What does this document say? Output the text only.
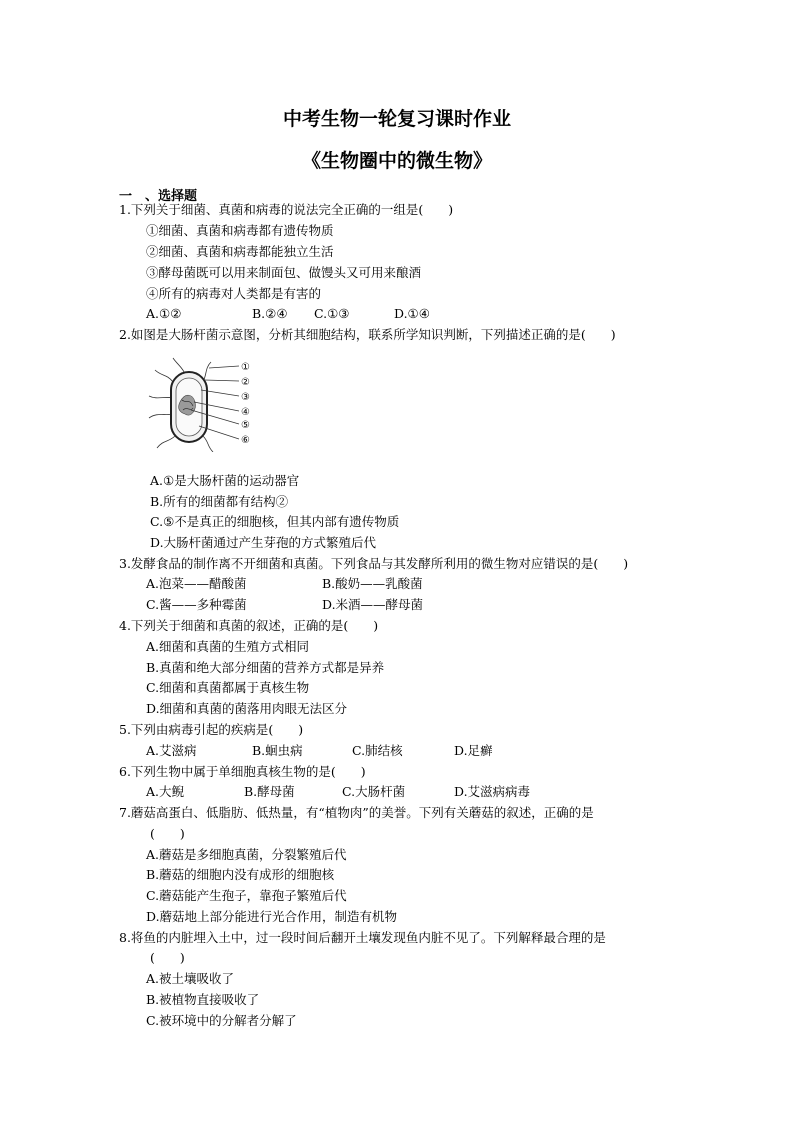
中考生物一轮复习课时作业
《生物圈中的微生物》
一　、选择题
1.下列关于细菌、真菌和病毒的说法完全正确的一组是(　　)
①细菌、真菌和病毒都有遗传物质
②细菌、真菌和病毒都能独立生活
③酵母菌既可以用来制面包、做馒头又可用来酿酒
④所有的病毒对人类都是有害的
A.①②	B.②④ C.①③	D.①④
2.如图是大肠杆菌示意图，分析其细胞结构，联系所学知识判断，下列描述正确的是(　　)
①
②
③
④
⑤
⑥
A.①是大肠杆菌的运动器官
B.所有的细菌都有结构②
C.⑤不是真正的细胞核，但其内部有遗传物质
D.大肠杆菌通过产生芽孢的方式繁殖后代
3.发酵食品的制作离不开细菌和真菌。下列食品与其发酵所利用的微生物对应错误的是(　　)
A.泡菜——醋酸菌	B.酸奶——乳酸菌
C.酱——多种霉菌	D.米酒——酵母菌
4.下列关于细菌和真菌的叙述，正确的是(　　)
A.细菌和真菌的生殖方式相同
B.真菌和绝大部分细菌的营养方式都是异养
C.细菌和真菌都属于真核生物
D.细菌和真菌的菌落用肉眼无法区分
5.下列由病毒引起的疾病是(　　)
A.艾滋病	B.蛔虫病	C.肺结核	D.足癣
6.下列生物中属于单细胞真核生物的是(　　)
A.大鲵	B.酵母菌	C.大肠杆菌	D.艾滋病病毒
7.蘑菇高蛋白、低脂肪、低热量，有“植物肉”的美誉。下列有关蘑菇的叙述，正确的是
(　　)
A.蘑菇是多细胞真菌，分裂繁殖后代
B.蘑菇的细胞内没有成形的细胞核
C.蘑菇能产生孢子，靠孢子繁殖后代
D.蘑菇地上部分能进行光合作用，制造有机物
8.将鱼的内脏埋入土中，过一段时间后翻开土壤发现鱼内脏不见了。下列解释最合理的是
(　　)
A.被土壤吸收了
B.被植物直接吸收了
C.被环境中的分解者分解了
